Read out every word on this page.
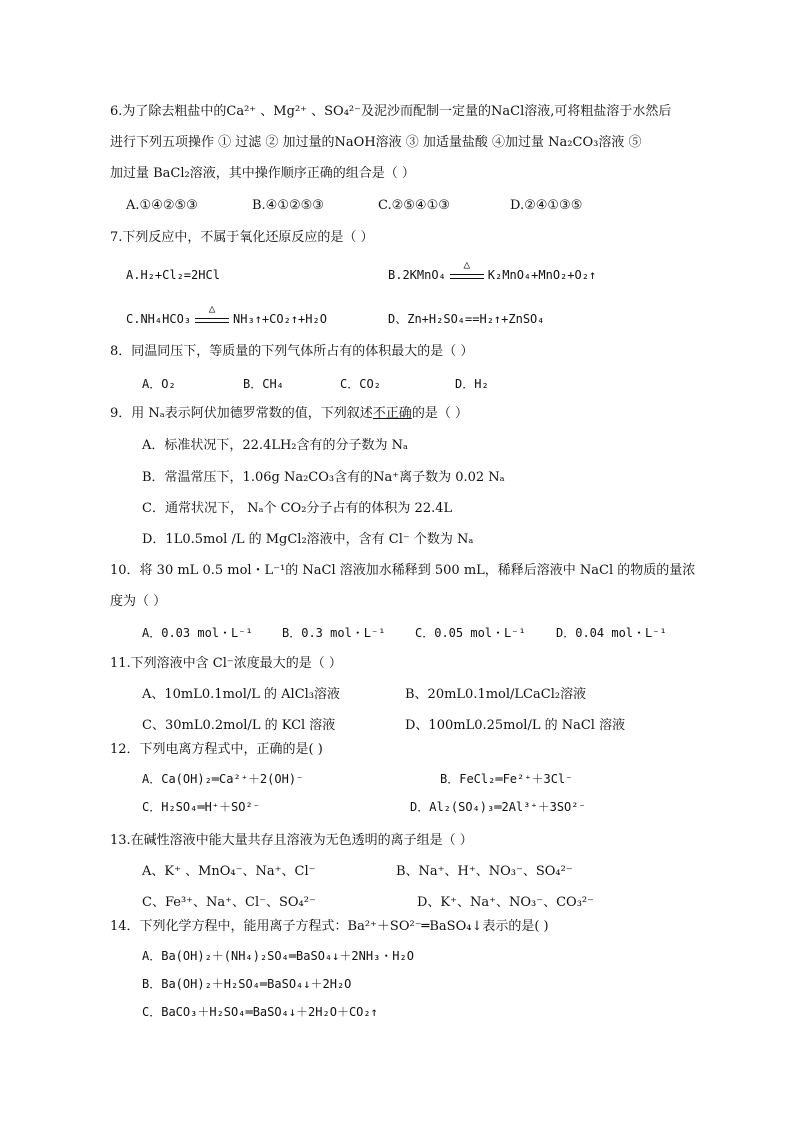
6.为了除去粗盐中的Ca²⁺ 、Mg²⁺ 、SO₄²⁻及泥沙而配制一定量的NaCl溶液,可将粗盐溶于水然后
进行下列五项操作 ① 过滤 ② 加过量的NaOH溶液 ③ 加适量盐酸 ④加过量 Na₂CO₃溶液 ⑤
加过量 BaCl₂溶液，其中操作顺序正确的组合是（ ）
A.①④②⑤③	B.④①②⑤③	C.②⑤④①③	D.②④①③⑤
7.下列反应中，不属于氧化还原反应的是（ ）
A.H₂+Cl₂=2HCl	B.2KMnO₄
△
K₂MnO₄+MnO₂+O₂↑
C.NH₄HCO₃
△
NH₃↑+CO₂↑+H₂O	D、Zn+H₂SO₄==H₂↑+ZnSO₄
8．同温同压下，等质量的下列气体所占有的体积最大的是（ ）
A．O₂	B．CH₄	C．CO₂	D．H₂
9．用 Nₐ表示阿伏加德罗常数的值，下列叙述不正确的是（ ）
A．标准状况下，22.4LH₂含有的分子数为 Nₐ
B．常温常压下，1.06g Na₂CO₃含有的Na⁺离子数为 0.02 Nₐ
C．通常状况下， Nₐ个 CO₂分子占有的体积为 22.4L
D．1L0.5mol /L 的 MgCl₂溶液中，含有 Cl⁻ 个数为 Nₐ
10．将 30 mL 0.5 mol・L⁻¹的 NaCl 溶液加水稀释到 500 mL，稀释后溶液中 NaCl 的物质的量浓
度为（ ）
A．0.03 mol・L⁻¹ B．0.3 mol・L⁻¹ C．0.05 mol・L⁻¹	D．0.04 mol・L⁻¹
11.下列溶液中含 Cl⁻浓度最大的是（ ）
A、10mL0.1mol/L 的 AlCl₃溶液	B、20mL0.1mol/LCaCl₂溶液
C、30mL0.2mol/L 的 KCl 溶液	D、100mL0.25mol/L 的 NaCl 溶液
12．下列电离方程式中，正确的是( )
A．Ca(OH)₂═Ca²⁺＋2(OH)⁻	B．FeCl₂═Fe²⁺＋3Cl⁻
C．H₂SO₄═H⁺＋SO²⁻	D．Al₂(SO₄)₃═2Al³⁺＋3SO²⁻
13.在碱性溶液中能大量共存且溶液为无色透明的离子组是（ ）
A、K⁺ 、MnO₄⁻、Na⁺、Cl⁻	B、Na⁺、H⁺、NO₃⁻、SO₄²⁻
C、Fe³⁺、Na⁺、Cl⁻、SO₄²⁻	D、K⁺、Na⁺、NO₃⁻、CO₃²⁻
14．下列化学方程中，能用离子方程式：Ba²⁺＋SO²⁻═BaSO₄↓表示的是( )
A．Ba(OH)₂＋(NH₄)₂SO₄═BaSO₄↓＋2NH₃・H₂O
B．Ba(OH)₂＋H₂SO₄═BaSO₄↓＋2H₂O
C．BaCO₃＋H₂SO₄═BaSO₄↓＋2H₂O＋CO₂↑
